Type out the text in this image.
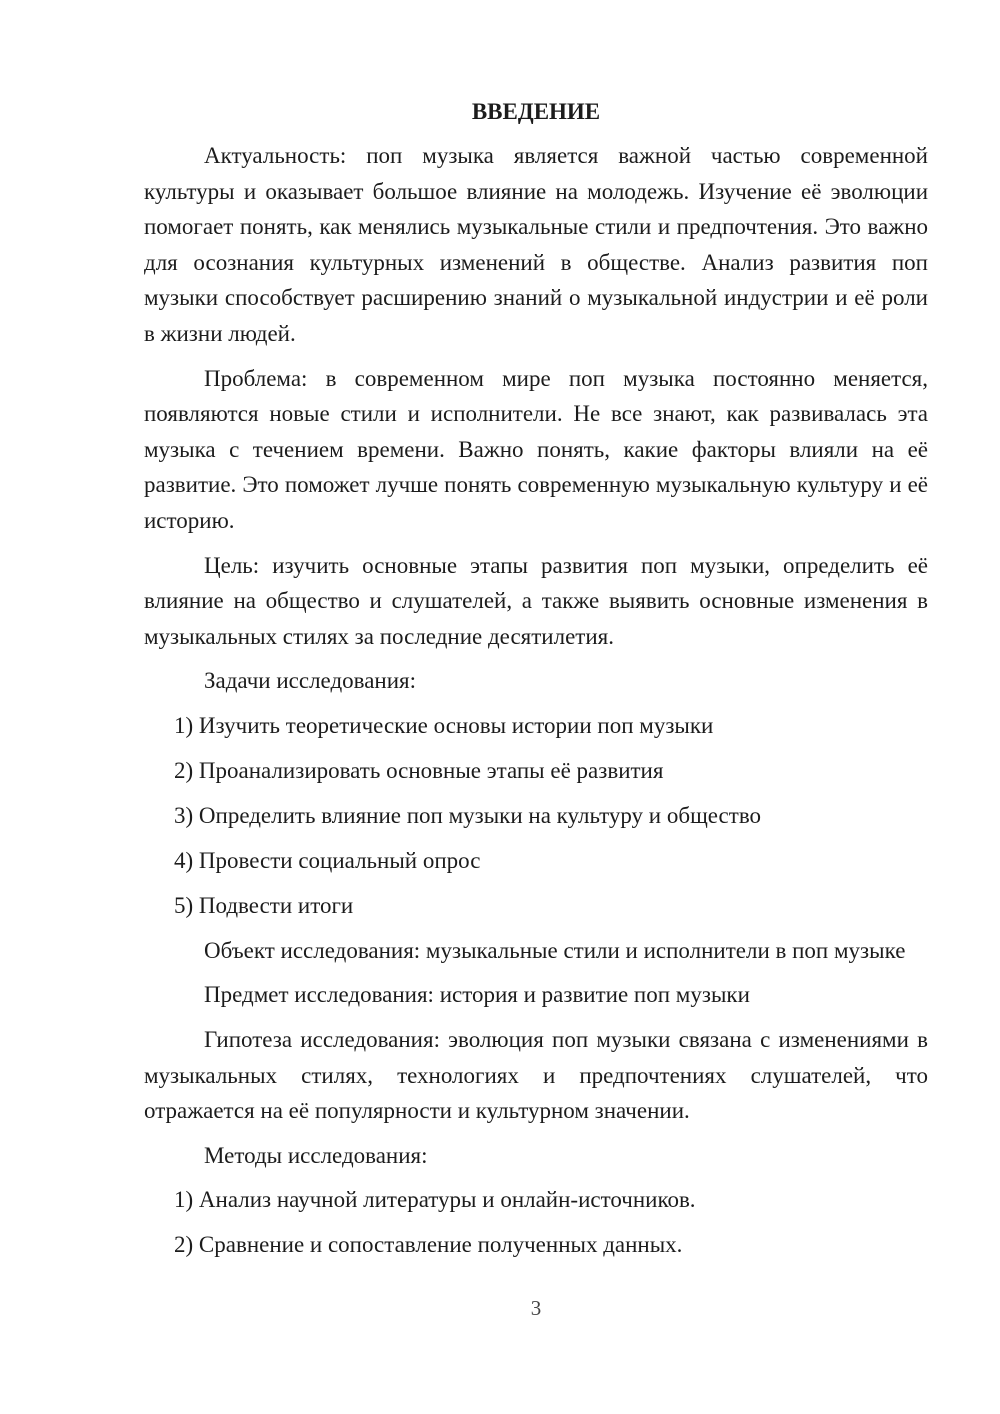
ВВЕДЕНИЕ

Актуальность: поп музыка является важной частью современной культуры и оказывает большое влияние на молодежь. Изучение её эволюции помогает понять, как менялись музыкальные стили и предпочтения. Это важно для осознания культурных изменений в обществе. Анализ развития поп музыки способствует расширению знаний о музыкальной индустрии и её роли в жизни людей.

Проблема: в современном мире поп музыка постоянно меняется, появляются новые стили и исполнители. Не все знают, как развивалась эта музыка с течением времени. Важно понять, какие факторы влияли на её развитие. Это поможет лучше понять современную музыкальную культуру и её историю.

Цель: изучить основные этапы развития поп музыки, определить её влияние на общество и слушателей, а также выявить основные изменения в музыкальных стилях за последние десятилетия.

Задачи исследования:

1) Изучить теоретические основы истории поп музыки
2) Проанализировать основные этапы её развития
3) Определить влияние поп музыки на культуру и общество
4) Провести социальный опрос
5) Подвести итоги

Объект исследования: музыкальные стили и исполнители в поп музыке

Предмет исследования: история и развитие поп музыки

Гипотеза исследования: эволюция поп музыки связана с изменениями в музыкальных стилях, технологиях и предпочтениях слушателей, что отражается на её популярности и культурном значении.

Методы исследования:

1) Анализ научной литературы и онлайн-источников.
2) Сравнение и сопоставление полученных данных.
3
